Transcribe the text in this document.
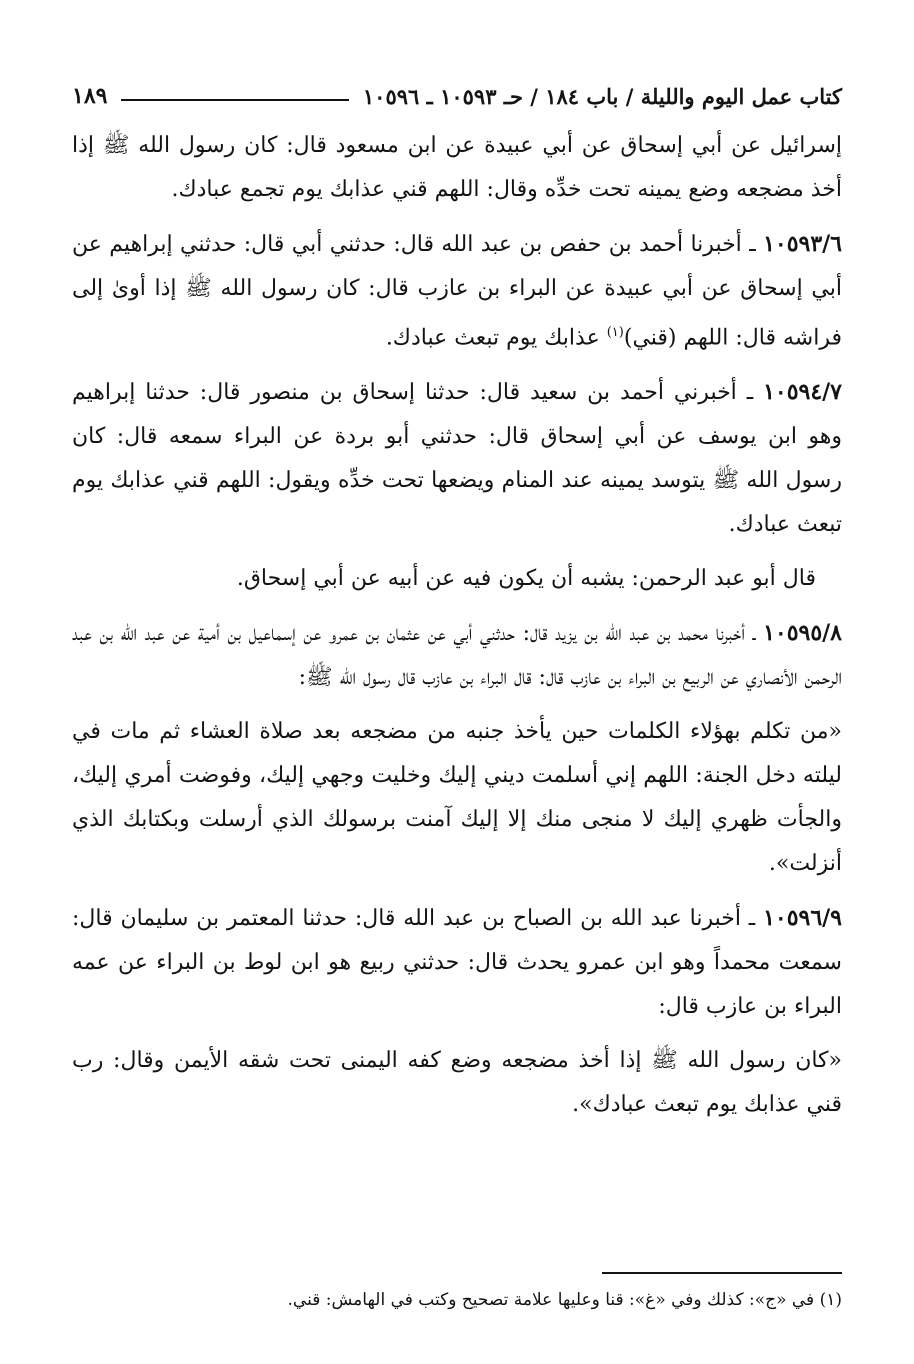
كتاب عمل اليوم والليلة / باب ١٨٤ / حـ ١٠٥٩٣ ـ ١٠٥٩٦
١٨٩

إسرائيل عن أبي إسحاق عن أبي عبيدة عن ابن مسعود قال: كان رسول الله ﷺ إذا أخذ مضجعه وضع يمينه تحت خدِّه وقال: اللهم قني عذابك يوم تجمع عبادك.

١٠٥٩٣/٦ ـ أخبرنا أحمد بن حفص بن عبد الله قال: حدثني أبي قال: حدثني إبراهيم عن أبي إسحاق عن أبي عبيدة عن البراء بن عازب قال: كان رسول الله ﷺ إذا أوىٰ إلى فراشه قال: اللهم (قني)$^{(١)}$ عذابك يوم تبعث عبادك.

١٠٥٩٤/٧ ـ أخبرني أحمد بن سعيد قال: حدثنا إسحاق بن منصور قال: حدثنا إبراهيم وهو ابن يوسف عن أبي إسحاق قال: حدثني أبو بردة عن البراء سمعه قال: كان رسول الله ﷺ يتوسد يمينه عند المنام ويضعها تحت خدِّه ويقول: اللهم قني عذابك يوم تبعث عبادك.

قال أبو عبد الرحمن: يشبه أن يكون فيه عن أبيه عن أبي إسحاق.

١٠٥٩٥/٨ ـ أخبرنا محمد بن عبد الله بن يزيد قال: حدثني أبي عن عثمان بن عمرو عن إسماعيل بن أمية عن عبد الله بن عبد الرحمن الأنصاري عن الربيع بن البراء بن عازب قال: قال البراء بن عازب قال رسول الله ﷺ:

«من تكلم بهؤلاء الكلمات حين يأخذ جنبه من مضجعه بعد صلاة العشاء ثم مات في ليلته دخل الجنة: اللهم إني أسلمت ديني إليك وخليت وجهي إليك، وفوضت أمري إليك، والجأت ظهري إليك لا منجى منك إلا إليك آمنت برسولك الذي أرسلت وبكتابك الذي أنزلت».

١٠٥٩٦/٩ ـ أخبرنا عبد الله بن الصباح بن عبد الله قال: حدثنا المعتمر بن سليمان قال: سمعت محمداً وهو ابن عمرو يحدث قال: حدثني ربيع هو ابن لوط بن البراء عن عمه البراء بن عازب قال:

«كان رسول الله ﷺ إذا أخذ مضجعه وضع كفه اليمنى تحت شقه الأيمن وقال: رب قني عذابك يوم تبعث عبادك».

(١) في «ج»: كذلك وفي «غ»: قنا وعليها علامة تصحيح وكتب في الهامش: قني.
